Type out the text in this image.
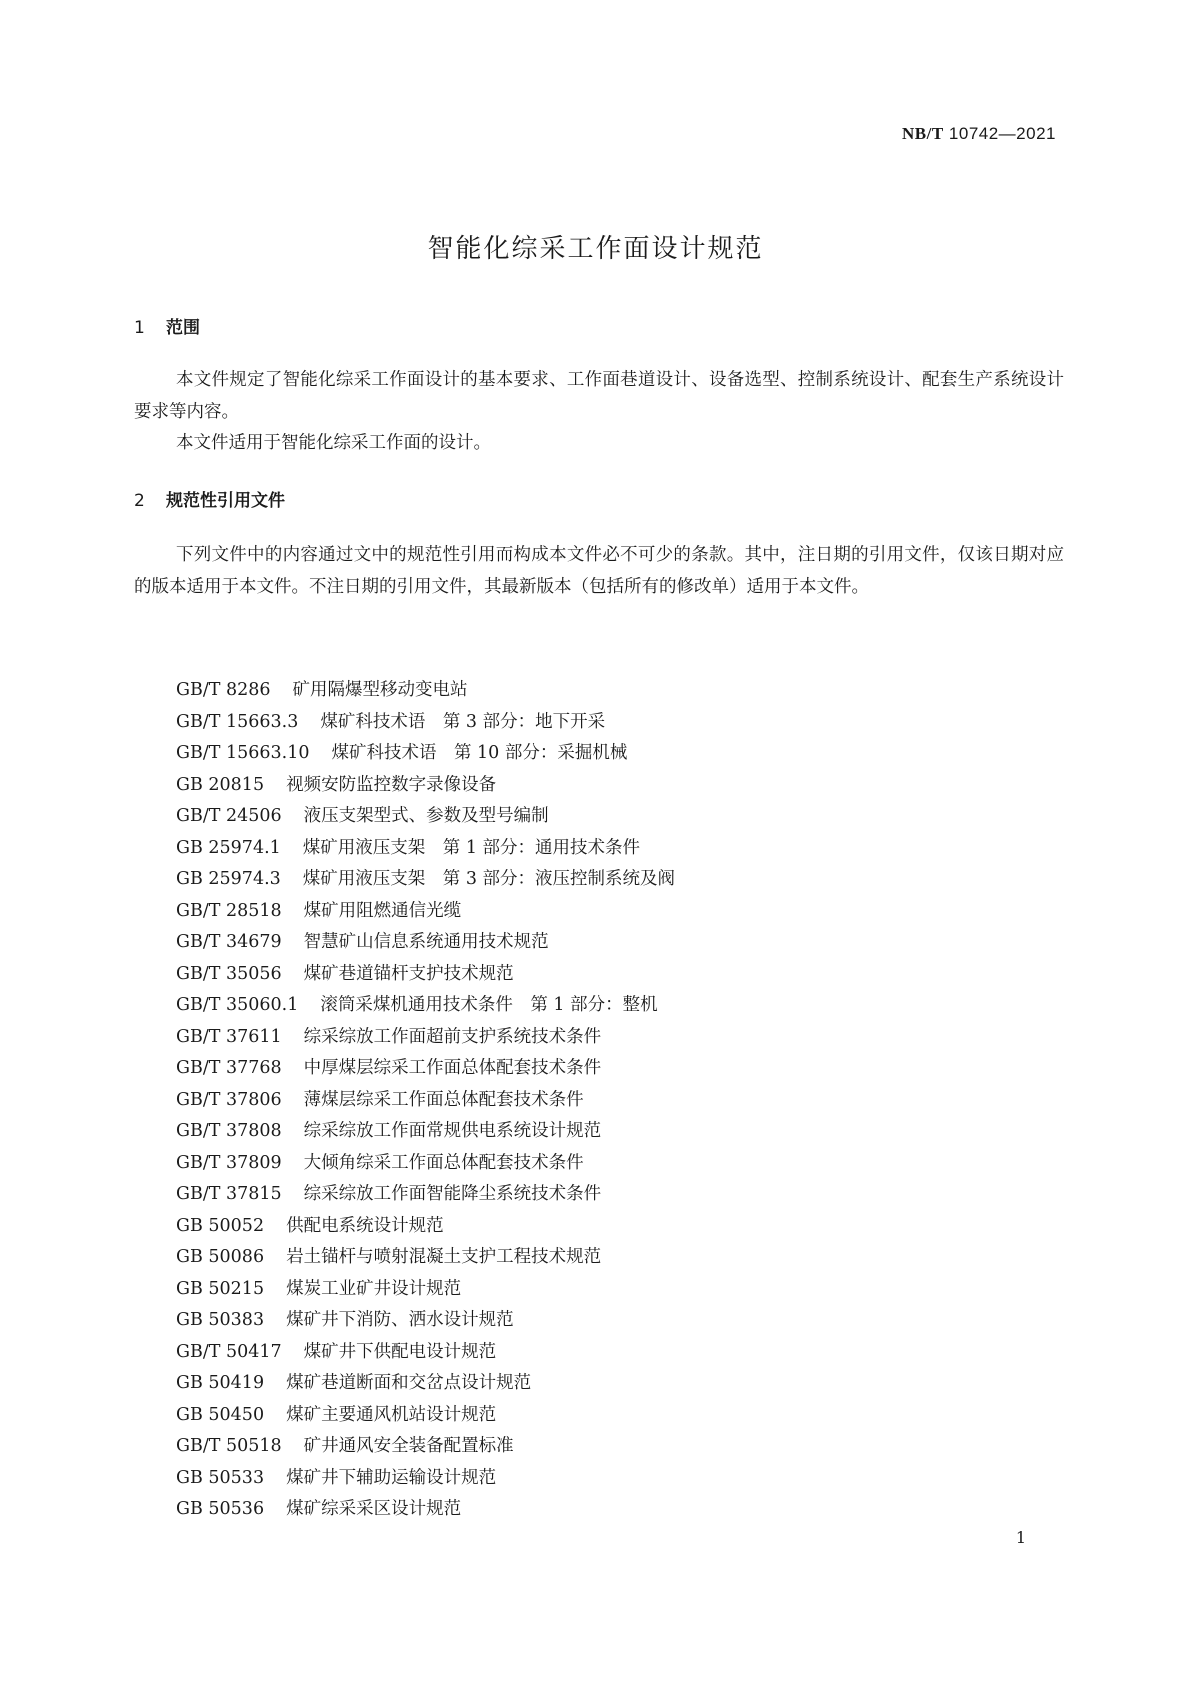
NB/T 10742—2021
智能化综采工作面设计规范
1 范围

本文件规定了智能化综采工作面设计的基本要求、工作面巷道设计、设备选型、控制系统设计、配套生产系统设计要求等内容。

本文件适用于智能化综采工作面的设计。

2 规范性引用文件

下列文件中的内容通过文中的规范性引用而构成本文件必不可少的条款。其中，注日期的引用文件，仅该日期对应的版本适用于本文件。不注日期的引用文件，其最新版本（包括所有的修改单）适用于本文件。

GB/T 8286 矿用隔爆型移动变电站
GB/T 15663.3 煤矿科技术语　第 3 部分：地下开采
GB/T 15663.10 煤矿科技术语　第 10 部分：采掘机械
GB 20815 视频安防监控数字录像设备
GB/T 24506 液压支架型式、参数及型号编制
GB 25974.1 煤矿用液压支架　第 1 部分：通用技术条件
GB 25974.3 煤矿用液压支架　第 3 部分：液压控制系统及阀
GB/T 28518 煤矿用阻燃通信光缆
GB/T 34679 智慧矿山信息系统通用技术规范
GB/T 35056 煤矿巷道锚杆支护技术规范
GB/T 35060.1 滚筒采煤机通用技术条件　第 1 部分：整机
GB/T 37611 综采综放工作面超前支护系统技术条件
GB/T 37768 中厚煤层综采工作面总体配套技术条件
GB/T 37806 薄煤层综采工作面总体配套技术条件
GB/T 37808 综采综放工作面常规供电系统设计规范
GB/T 37809 大倾角综采工作面总体配套技术条件
GB/T 37815 综采综放工作面智能降尘系统技术条件
GB 50052 供配电系统设计规范
GB 50086 岩土锚杆与喷射混凝土支护工程技术规范
GB 50215 煤炭工业矿井设计规范
GB 50383 煤矿井下消防、洒水设计规范
GB/T 50417 煤矿井下供配电设计规范
GB 50419 煤矿巷道断面和交岔点设计规范
GB 50450 煤矿主要通风机站设计规范
GB/T 50518 矿井通风安全装备配置标准
GB 50533 煤矿井下辅助运输设计规范
GB 50536 煤矿综采采区设计规范
1
